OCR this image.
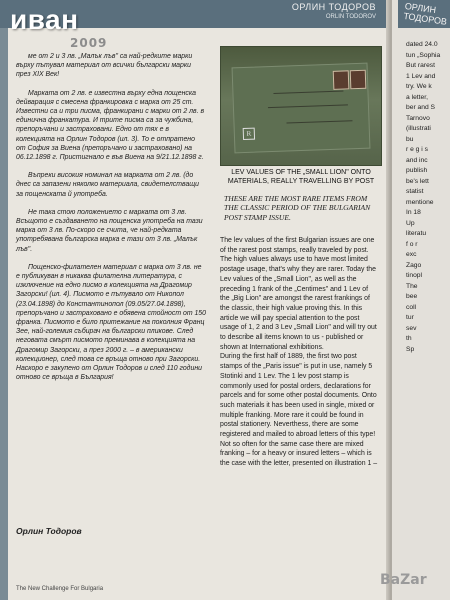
ОРЛИН ТОДОРОВ
ORLIN TODOROV
иван
2009

мe от 2 и 3 лв. „Малък лъв" са най-редките марки върху пътувал материал от всички български марки през XIX Век!

Марката от 2 лв. е известна върху една пощенска дейварация с смесена франкировка с марка от 25 ст. Известни са и три писма, франкирани с марки от 2 лв. в единична франкатура. И трите писма са за чужбина, препоръчани и застраховани. Едно от тях е в колекцията на Орлин Тодоров (ил. 3). То е отпратено от София за Виена (препоръчано и застраховано) на 06.12.1898 г. Пристигнало е във Виена на 9/21.12.1898 г.

Въпреки високия номинал на марката от 2 лв. (до днес са запазени няколко материала, свидетелстващи за пощенската й употреба.

Не така стою положението с марката от 3 лв. Всъщото е създаването на пощенска употреба на тази марка от 3 лв. По-скоро се счита, че най-редката употребявана българска марка е тази от 3 лв. „Малък лъв".

Пощенско-филателен материал с марка от 3 лв. не е публикуван в никаква филателна литература, с изключение на едно писмо в колекцията на Драгомир Загорски! (ил. 4). Писмото е пътувало от Никопол (23.04.1898) до Константинопол (09.05/27.04.1898), препоръчано и застраховано е обявена стойност от 150 франка. Писмото е било притежание на поколния Франц Зее, най-големия събирач на български пликове. След неговата смърт писмото преминава в колекцията на Драгомир Загорски, а през 2000 г. – в американски колекционер, след това се връща отново при Загорски. Наскоро е закупено от Орлин Тодоров и след 110 години отново се връща в България!

Орлин Тодоров
R
LEV VALUES OF THE „SMALL LION" ONTO MATERIALS, REALLY TRAVELLING BY POST
THESE ARE THE MOST RARE ITEMS FROM THE CLASSIC PERIOD OF THE BULGARIAN POST STAMP ISSUE.

The lev values of the first Bulgarian issues are one of the rarest post stamps, really traveled by post. The high values always use to have most limited postage usage, that's why they are rarer. Today the Lev values of the „Small Lion", as well as the preceding 1 frank of the „Centimes" and 1 Lev of the „Big Lion" are amongst the rarest frankings of the classic, their high value proving this. In this article we will pay special attention to the post usage of 1, 2 and 3 Lev „Small Lion" and will try out to describe all items known to us - published or shown at International exhibitions.

During the first half of 1889, the first two post stamps of the „Paris issue" is put in use, namely 5 Stotinki and 1 Lev. The 1 lev post stamp is commonly used for postal orders, declarations for parcels and for some other postal documents. Onto such materials it has been used in single, mixed or multiple franking. More rare it could be found in postal stationery. Neverthess, there are some registered and mailed to abroad letters of this type! Not so often for the same case there are mixed franking – for a heavy or insured letters – which is the case with the letter, presented on illustration 1 –

The New Challenge For Bulgaria
ОРЛИН ТОДОРОВ
dated 24.0
tun „Sophia
But rarest
1 Lev and
try. We k
a letter,
ber and S
Tarnovo
(illustrati
bu
r e g i s
and inc
publish
be's lett
statist
mentione
In 18
Up
literatu
f o r
exc
Zago
tinopl
The
bee
coll
tur
sev
th
Sp
BaZar
